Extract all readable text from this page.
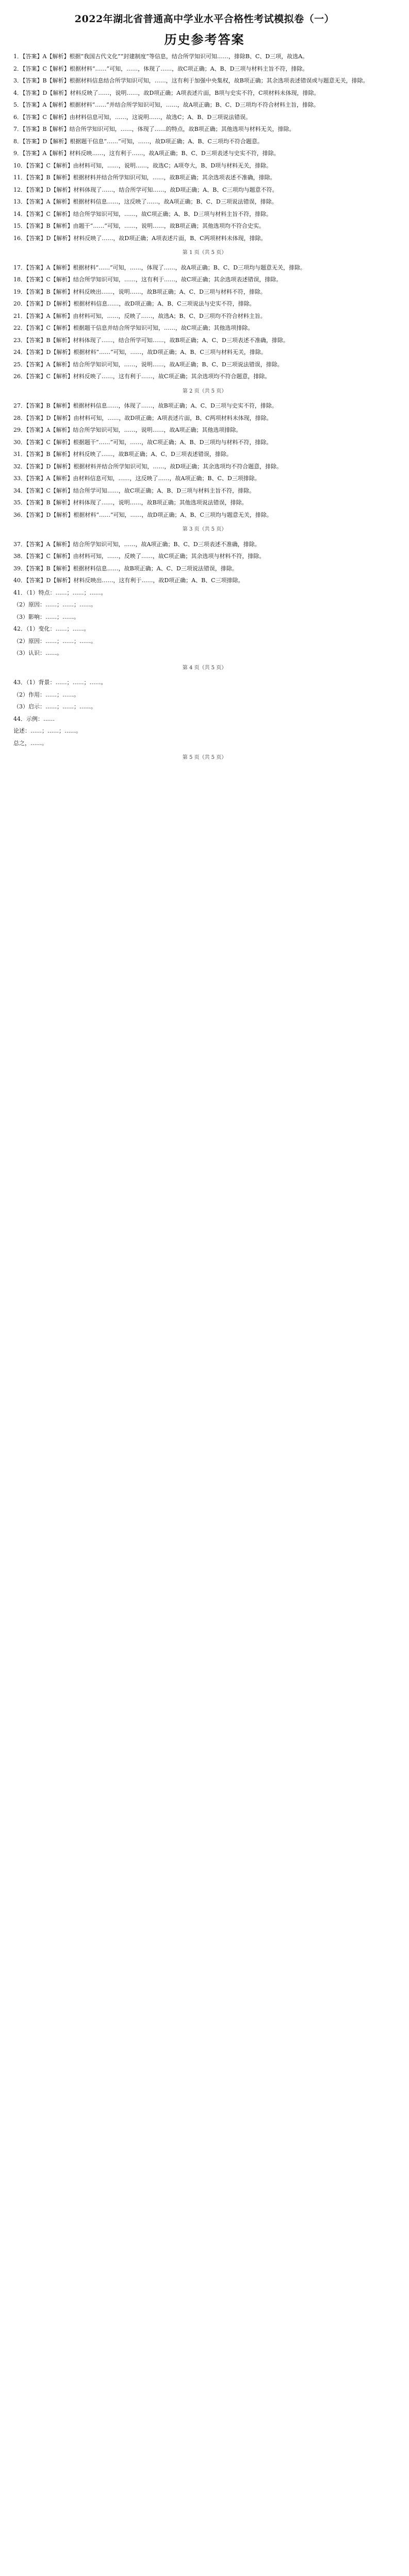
2022年湖北省普通高中学业水平合格性考试模拟卷（一）
历史参考答案

1．【答案】A【解析】根据“我国古代文化”“封建制度”等信息，结合所学知识可知……，排除B、C、D三项，故选A。

2．【答案】C【解析】根据材料“……”可知，……，体现了……，故C项正确；A、B、D三项与材料主旨不符，排除。

3．【答案】B【解析】根据材料信息结合所学知识可知，……，这有利于加强中央集权，故B项正确；其余选项表述错误或与题意无关，排除。

4．【答案】D【解析】材料反映了……，说明……，故D项正确；A项表述片面，B项与史实不符，C项材料未体现，排除。

5．【答案】A【解析】根据材料“……”并结合所学知识可知，……，故A项正确；B、C、D三项均不符合材料主旨，排除。

6．【答案】C【解析】由材料信息可知，……，这说明……，故选C；A、B、D三项说法错误。

7．【答案】B【解析】结合所学知识可知，……，体现了……的特点，故B项正确；其他选项与材料无关，排除。

8．【答案】D【解析】根据题干信息“……”可知，……，故D项正确；A、B、C三项均不符合题意。

9．【答案】A【解析】材料反映……，这有利于……，故A项正确；B、C、D三项表述与史实不符，排除。

10．【答案】C【解析】由材料可知，……，说明……，故选C；A项夸大，B、D项与材料无关，排除。

11．【答案】B【解析】根据材料并结合所学知识可知，……，故B项正确；其余选项表述不准确，排除。

12．【答案】D【解析】材料体现了……，结合所学可知……，故D项正确；A、B、C三项均与题意不符。

13．【答案】A【解析】根据材料信息……，这反映了……，故A项正确；B、C、D三项说法错误，排除。

14．【答案】C【解析】结合所学知识可知，……，故C项正确；A、B、D三项与材料主旨不符，排除。

15．【答案】B【解析】由题干“……”可知，……，说明……，故B项正确；其他选项均不符合史实。

16．【答案】D【解析】材料反映了……，故D项正确；A项表述片面，B、C两项材料未体现，排除。

第 1 页（共 5 页）

17．【答案】A【解析】根据材料“……”可知，……，体现了……，故A项正确；B、C、D三项均与题意无关，排除。

18．【答案】C【解析】结合所学知识可知，……，这有利于……，故C项正确；其余选项表述错误，排除。

19．【答案】B【解析】材料反映出……，说明……，故B项正确；A、C、D三项与材料不符，排除。

20．【答案】D【解析】根据材料信息……，故D项正确；A、B、C三项说法与史实不符，排除。

21．【答案】A【解析】由材料可知，……，反映了……，故选A；B、C、D三项均不符合材料主旨。

22．【答案】C【解析】根据题干信息并结合所学知识可知，……，故C项正确；其他选项排除。

23．【答案】B【解析】材料体现了……，结合所学可知……，故B项正确；A、C、D三项表述不准确，排除。

24．【答案】D【解析】根据材料“……”可知，……，故D项正确；A、B、C三项与材料无关，排除。

25．【答案】A【解析】结合所学知识可知，……，说明……，故A项正确；B、C、D三项说法错误，排除。

26．【答案】C【解析】材料反映了……，这有利于……，故C项正确；其余选项均不符合题意，排除。

第 2 页（共 5 页）

27．【答案】B【解析】根据材料信息……，体现了……，故B项正确；A、C、D三项与史实不符，排除。

28．【答案】D【解析】由材料可知，……，故D项正确；A项表述片面，B、C两项材料未体现，排除。

29．【答案】A【解析】结合所学知识可知，……，说明……，故A项正确；其他选项排除。

30．【答案】C【解析】根据题干“……”可知，……，故C项正确；A、B、D三项均与材料不符，排除。

31．【答案】B【解析】材料反映了……，故B项正确；A、C、D三项表述错误，排除。

32．【答案】D【解析】根据材料并结合所学知识可知，……，故D项正确；其余选项均不符合题意，排除。

33．【答案】A【解析】由材料信息可知，……，这反映了……，故A项正确；B、C、D三项排除。

34．【答案】C【解析】结合所学可知……，故C项正确；A、B、D三项与材料主旨不符，排除。

35．【答案】B【解析】材料体现了……，说明……，故B项正确；其他选项说法错误，排除。

36．【答案】D【解析】根据材料“……”可知，……，故D项正确；A、B、C三项均与题意无关，排除。

第 3 页（共 5 页）

37．【答案】A【解析】结合所学知识可知，……，故A项正确；B、C、D三项表述不准确，排除。

38．【答案】C【解析】由材料可知，……，反映了……，故C项正确；其余选项与材料不符，排除。

39．【答案】B【解析】根据材料信息……，故B项正确；A、C、D三项说法错误，排除。

40．【答案】D【解析】材料反映出……，这有利于……，故D项正确；A、B、C三项排除。

41．（1）特点：……；……；……。

（2）原因：……；……；……。

（3）影响：……；……。

42．（1）变化：……；……。

（2）原因：……；……；……。

（3）认识：……。

第 4 页（共 5 页）

43．（1）背景：……；……；……。

（2）作用：……；……。

（3）启示：……；……；……。

44．示例：……

论述：……；……；……。

总之，……。

第 5 页（共 5 页）
